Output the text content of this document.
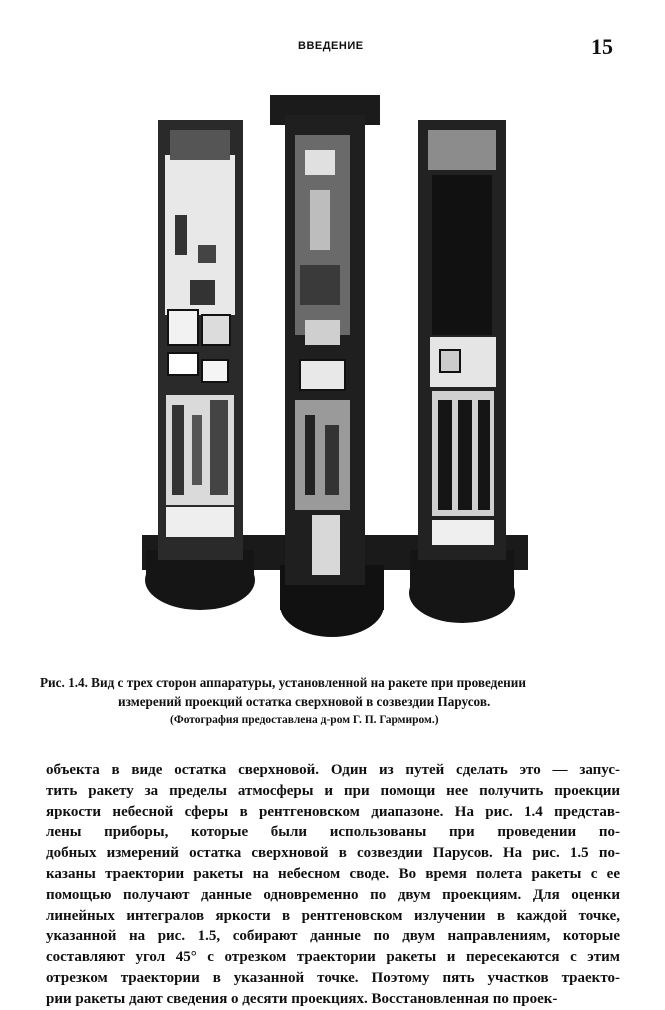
ВВЕДЕНИЕ	15
Рис. 1.4. Вид с трех сторон аппаратуры, установленной на ракете при проведении
измерений проекций остатка сверхновой в созвездии Парусов.
(Фотография предоставлена д-ром Г. П. Гармиром.)
объекта в виде остатка сверхновой. Один из путей сделать это — запус-
тить ракету за пределы атмосферы и при помощи нее получить проекции
яркости небесной сферы в рентгеновском диапазоне. На рис. 1.4 представ-
лены приборы, которые были использованы при проведении по-
добных измерений остатка сверхновой в созвездии Парусов. На рис. 1.5 по-
казаны траектории ракеты на небесном своде. Во время полета ракеты с ее
помощью получают данные одновременно по двум проекциям. Для оценки
линейных интегралов яркости в рентгеновском излучении в каждой точке,
указанной на рис. 1.5, собирают данные по двум направлениям, которые
составляют угол 45° с отрезком траектории ракеты и пересекаются с этим
отрезком траектории в указанной точке. Поэтому пять участков траекто-
рии ракеты дают сведения о десяти проекциях. Восстановленная по проек-
